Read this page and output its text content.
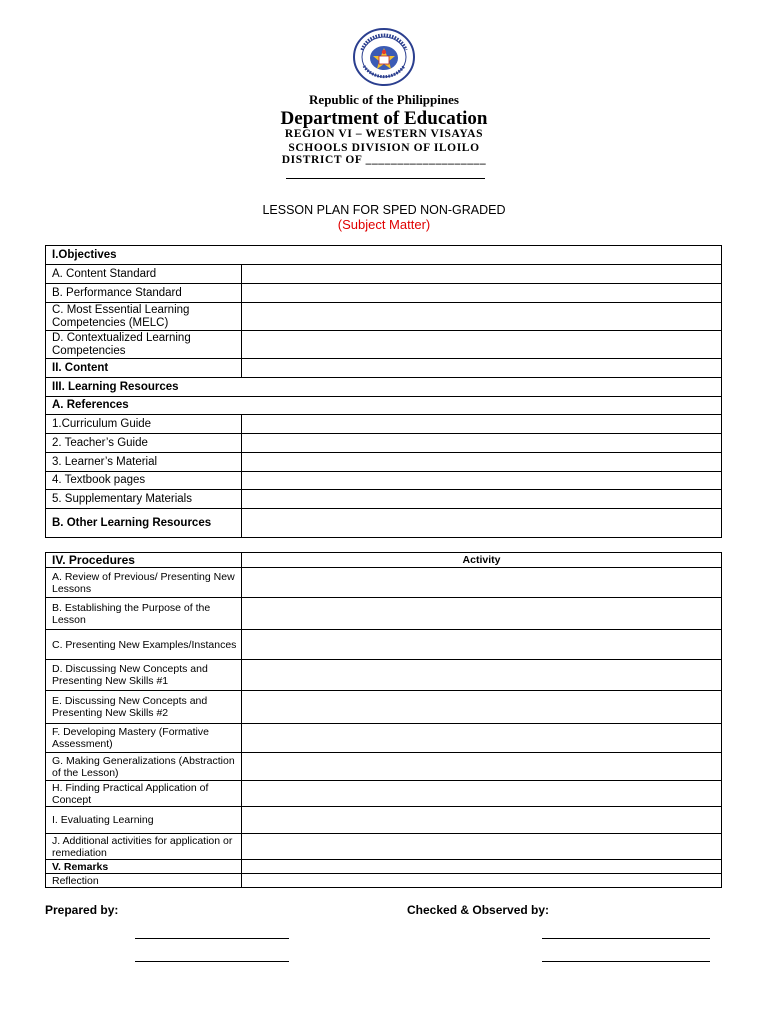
Republic of the Philippines
Department of Education
REGION VI – WESTERN VISAYAS
SCHOOLS DIVISION OF ILOILO
DISTRICT OF ___________________
LESSON PLAN FOR SPED NON-GRADED
(Subject Matter)
I.Objectives	
A. Content Standard	
B. Performance Standard	
C. Most Essential Learning Competencies (MELC)	
D. Contextualized Learning Competencies	
II. Content	
III. Learning Resources	
A. References	
1.Curriculum Guide	
2. Teacher’s Guide	
3. Learner’s Material	
4. Textbook pages	
5. Supplementary Materials	
B. Other Learning Resources	
IV. Procedures	Activity
A. Review of Previous/ Presenting New Lessons	
B. Establishing the Purpose of the Lesson	
C. Presenting New Examples/Instances	
D. Discussing New Concepts and Presenting New Skills #1	
E. Discussing New Concepts and Presenting New Skills #2	
F. Developing Mastery (Formative Assessment)	
G. Making Generalizations (Abstraction of the Lesson)	
H. Finding Practical Application of Concept	
I. Evaluating Learning	
J. Additional activities for application or remediation	
V. Remarks	
Reflection	
Prepared by:	Checked & Observed by:
